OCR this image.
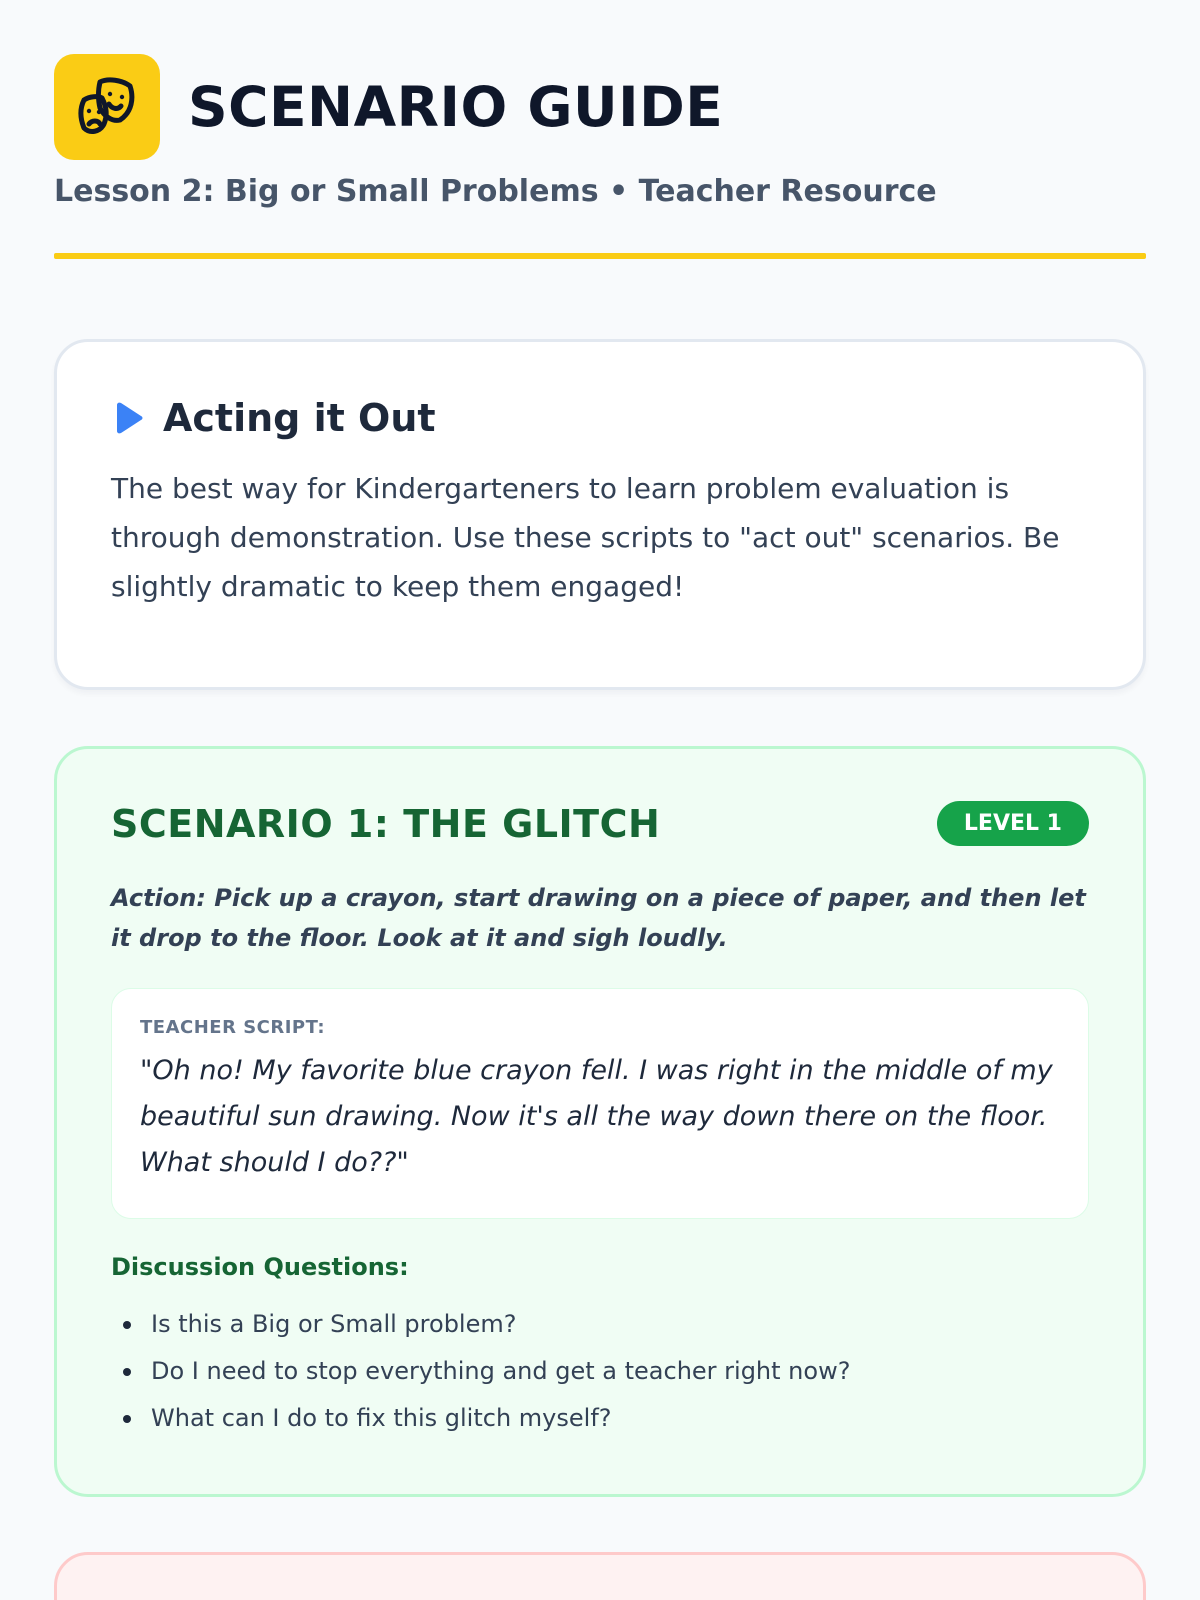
SCENARIO GUIDE
Lesson 2: Big or Small Problems • Teacher Resource
Acting it Out

The best way for Kindergarteners to learn problem evaluation is through demonstration. Use these scripts to "act out" scenarios. Be slightly dramatic to keep them engaged!

SCENARIO 1: THE GLITCH	LEVEL 1

Action: Pick up a crayon, start drawing on a piece of paper, and then let it drop to the floor. Look at it and sigh loudly.

TEACHER SCRIPT:

"Oh no! My favorite blue crayon fell. I was right in the middle of my beautiful sun drawing. Now it's all the way down there on the floor. What should I do??"

Discussion Questions:
Is this a Big or Small problem?
Do I need to stop everything and get a teacher right now?
What can I do to fix this glitch myself?
